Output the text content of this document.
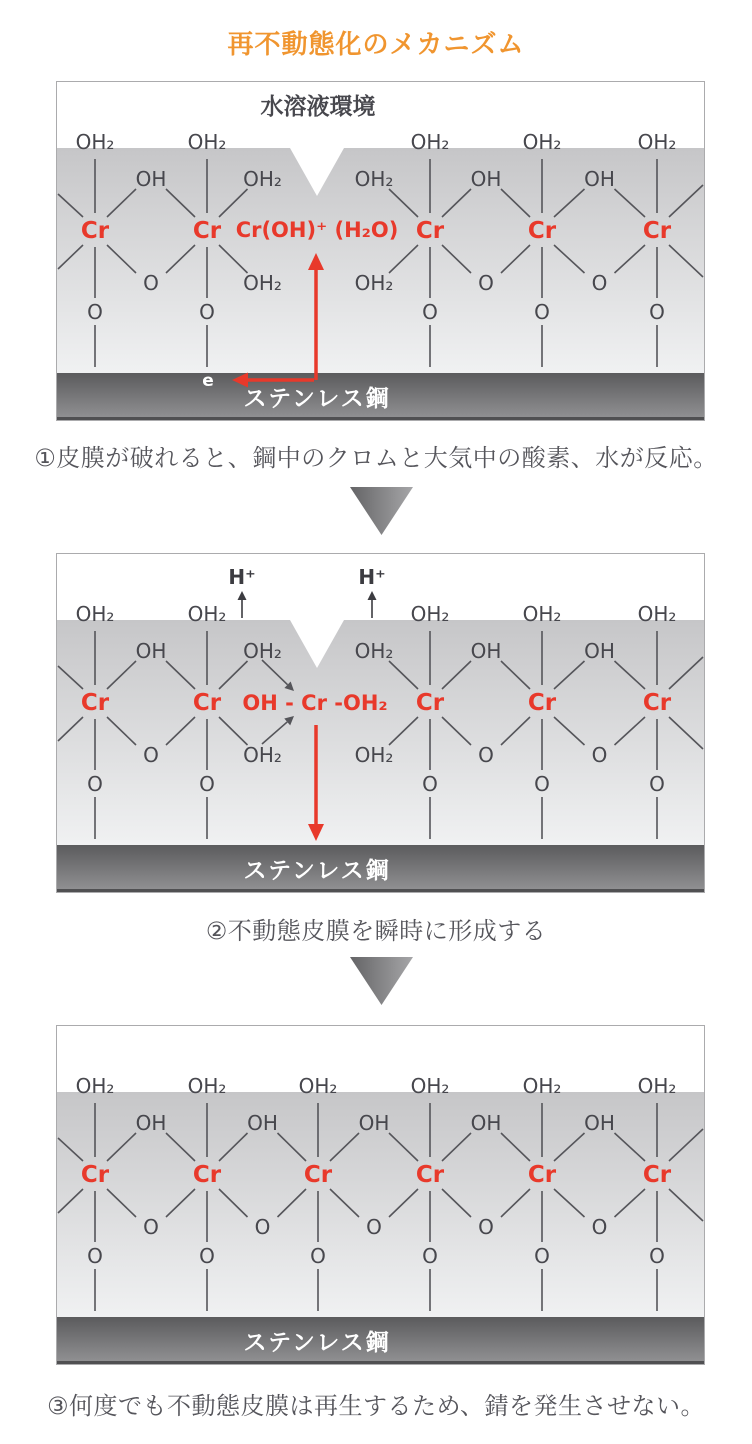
再不動態化のメカニズム
OH₂	OH₂	OH₂	OH₂	OH₂
OH	OH₂	OH₂	OH	OH
Cr	Cr	Cr	Cr	Cr
O	OH₂	OH₂	O	O
O	O	O	O	O
水溶液環境
ステンレス鋼
Cr(OH)⁺ (H₂O)
e

①皮膜が破れると、鋼中のクロムと大気中の酸素、水が反応。

OH₂	OH₂	OH₂	OH₂	OH₂
OH	OH₂	OH₂	OH	OH
Cr	Cr	Cr	Cr	Cr
O	OH₂	OH₂	O	O
O	O	O	O	O
ステンレス鋼
H⁺	H⁺
OH - Cr -OH₂

②不動態皮膜を瞬時に形成する

OH₂	OH₂	OH₂	OH₂	OH₂	OH₂
OH	OH	OH	OH	OH
Cr	Cr	Cr	Cr	Cr	Cr
O	O	O	O	O
O	O	O	O	O	O
ステンレス鋼

③何度でも不動態皮膜は再生するため、錆を発生させない。
